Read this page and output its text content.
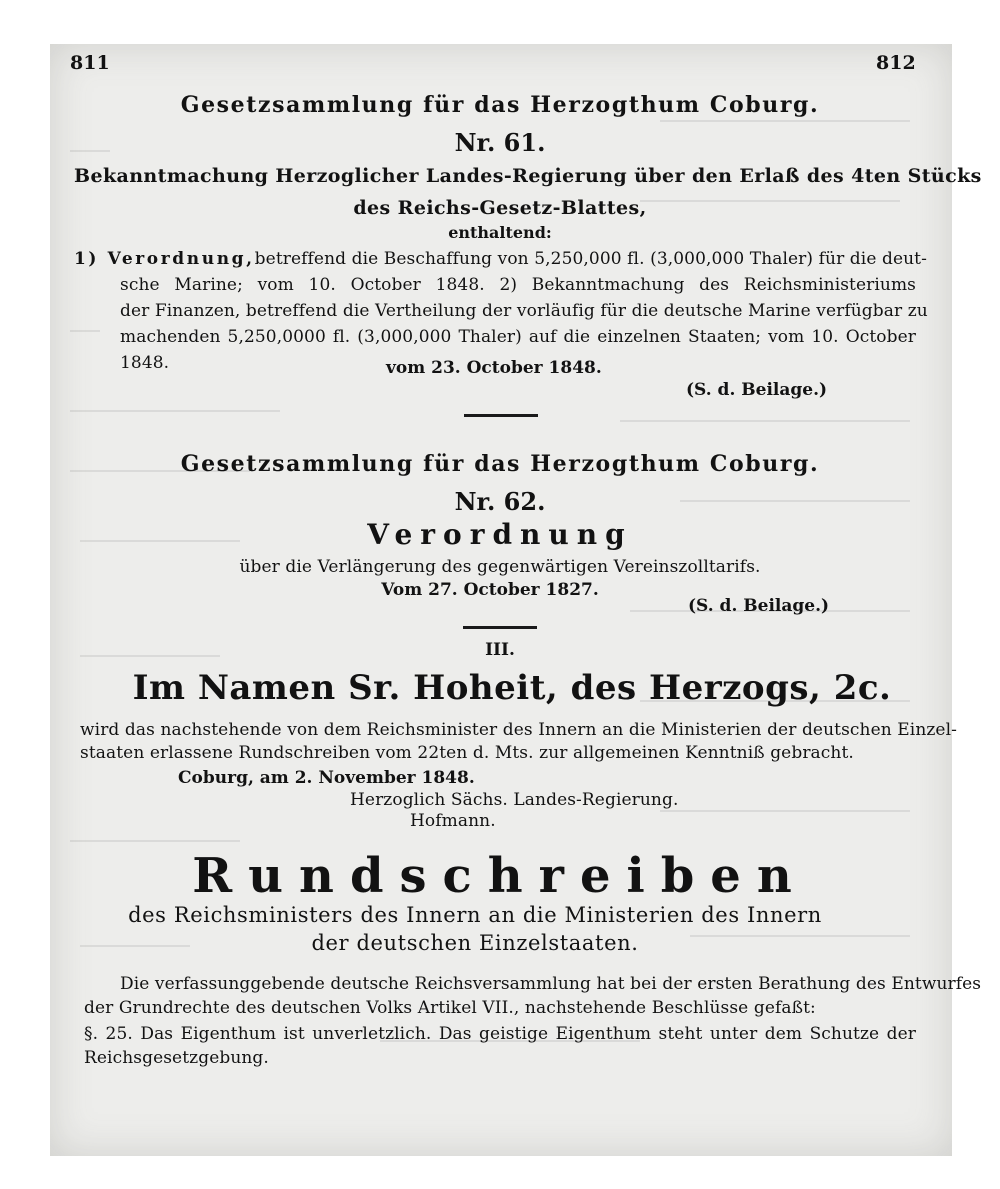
811	812
Gesetzsammlung für das Herzogthum Coburg.
Nr. 61.
Bekanntmachung Herzoglicher Landes-Regierung über den Erlaß des 4ten Stücks
des Reichs-Gesetz-Blattes,
enthaltend:
1) Verordnung, betreffend die Beschaffung von 5,250,000 fl. (3,000,000 Thaler) für die deut-
sche Marine; vom 10. October 1848. 2) Bekanntmachung des Reichsministeriums
der Finanzen, betreffend die Vertheilung der vorläufig für die deutsche Marine verfügbar zu
machenden 5,250,0000 fl. (3,000,000 Thaler) auf die einzelnen Staaten; vom 10. October
1848.	vom 23. October 1848.
(S. d. Beilage.)
Gesetzsammlung für das Herzogthum Coburg.
Nr. 62.
Verordnung
über die Verlängerung des gegenwärtigen Vereinszolltarifs.
Vom 27. October 1827.
(S. d. Beilage.)
III.
Im Namen Sr. Hoheit, des Herzogs, 2c.
wird das nachstehende von dem Reichsminister des Innern an die Ministerien der deutschen Einzel-
staaten erlassene Rundschreiben vom 22ten d. Mts. zur allgemeinen Kenntniß gebracht.
Coburg, am 2. November 1848.
Herzoglich Sächs. Landes-Regierung.
Hofmann.
Rundschreiben
des Reichsministers des Innern an die Ministerien des Innern
der deutschen Einzelstaaten.
Die verfassunggebende deutsche Reichsversammlung hat bei der ersten Berathung des Entwurfes
der Grundrechte des deutschen Volks Artikel VII., nachstehende Beschlüsse gefaßt:
§. 25. Das Eigenthum ist unverletzlich. Das geistige Eigenthum steht unter dem Schutze der
Reichsgesetzgebung.
